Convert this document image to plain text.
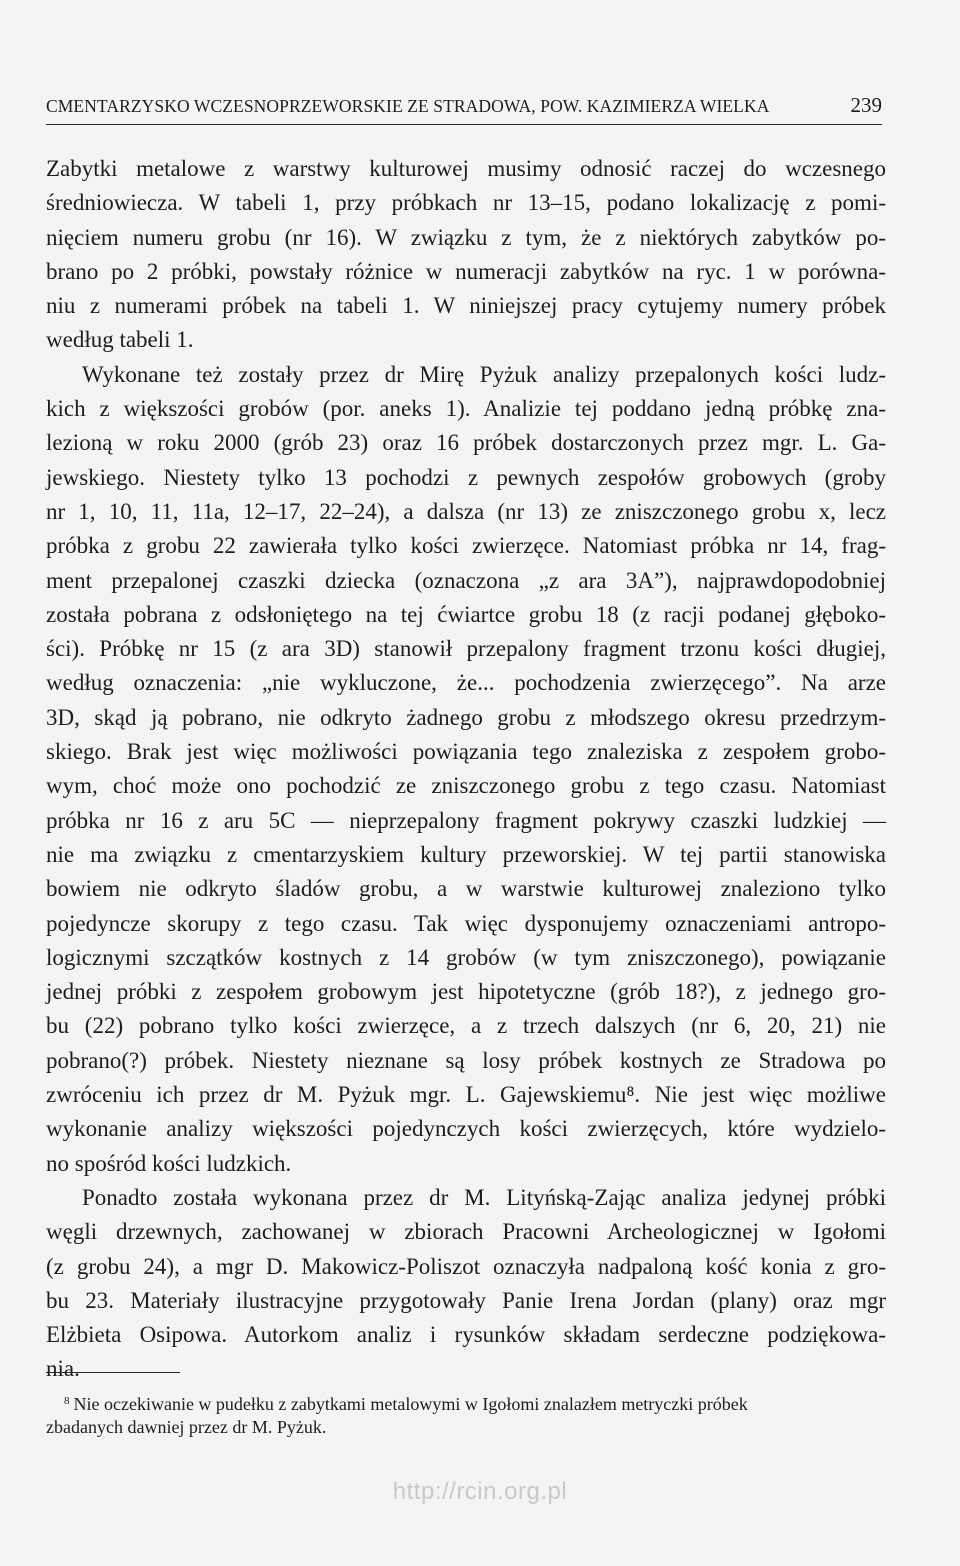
CMENTARZYSKO WCZESNOPRZEWORSKIE ZE STRADOWA, POW. KAZIMIERZA WIELKA	239
Zabytki metalowe z warstwy kulturowej musimy odnosić raczej do wczesnego
średniowiecza. W tabeli 1, przy próbkach nr 13–15, podano lokalizację z pomi-
nięciem numeru grobu (nr 16). W związku z tym, że z niektórych zabytków po-
brano po 2 próbki, powstały różnice w numeracji zabytków na ryc. 1 w porówna-
niu z numerami próbek na tabeli 1. W niniejszej pracy cytujemy numery próbek
według tabeli 1.
Wykonane też zostały przez dr Mirę Pyżuk analizy przepalonych kości ludz-
kich z większości grobów (por. aneks 1). Analizie tej poddano jedną próbkę zna-
lezioną w roku 2000 (grób 23) oraz 16 próbek dostarczonych przez mgr. L. Ga-
jewskiego. Niestety tylko 13 pochodzi z pewnych zespołów grobowych (groby
nr 1, 10, 11, 11a, 12–17, 22–24), a dalsza (nr 13) ze zniszczonego grobu x, lecz
próbka z grobu 22 zawierała tylko kości zwierzęce. Natomiast próbka nr 14, frag-
ment przepalonej czaszki dziecka (oznaczona „z ara 3A”), najprawdopodobniej
została pobrana z odsłoniętego na tej ćwiartce grobu 18 (z racji podanej głęboko-
ści). Próbkę nr 15 (z ara 3D) stanowił przepalony fragment trzonu kości długiej,
według oznaczenia: „nie wykluczone, że... pochodzenia zwierzęcego”. Na arze
3D, skąd ją pobrano, nie odkryto żadnego grobu z młodszego okresu przedrzym-
skiego. Brak jest więc możliwości powiązania tego znaleziska z zespołem grobo-
wym, choć może ono pochodzić ze zniszczonego grobu z tego czasu. Natomiast
próbka nr 16 z aru 5C — nieprzepalony fragment pokrywy czaszki ludzkiej —
nie ma związku z cmentarzyskiem kultury przeworskiej. W tej partii stanowiska
bowiem nie odkryto śladów grobu, a w warstwie kulturowej znaleziono tylko
pojedyncze skorupy z tego czasu. Tak więc dysponujemy oznaczeniami antropo-
logicznymi szczątków kostnych z 14 grobów (w tym zniszczonego), powiązanie
jednej próbki z zespołem grobowym jest hipotetyczne (grób 18?), z jednego gro-
bu (22) pobrano tylko kości zwierzęce, a z trzech dalszych (nr 6, 20, 21) nie
pobrano(?) próbek. Niestety nieznane są losy próbek kostnych ze Stradowa po
zwróceniu ich przez dr M. Pyżuk mgr. L. Gajewskiemu⁸. Nie jest więc możliwe
wykonanie analizy większości pojedynczych kości zwierzęcych, które wydzielo-
no spośród kości ludzkich.
Ponadto została wykonana przez dr M. Lityńską-Zając analiza jedynej próbki
węgli drzewnych, zachowanej w zbiorach Pracowni Archeologicznej w Igołomi
(z grobu 24), a mgr D. Makowicz-Poliszot oznaczyła nadpaloną kość konia z gro-
bu 23. Materiały ilustracyjne przygotowały Panie Irena Jordan (plany) oraz mgr
Elżbieta Osipowa. Autorkom analiz i rysunków składam serdeczne podziękowa-
nia.
$^8$ Nie oczekiwanie w pudełku z zabytkami metalowymi w Igołomi znalazłem metryczki próbek
zbadanych dawniej przez dr M. Pyżuk.
http://rcin.org.pl
